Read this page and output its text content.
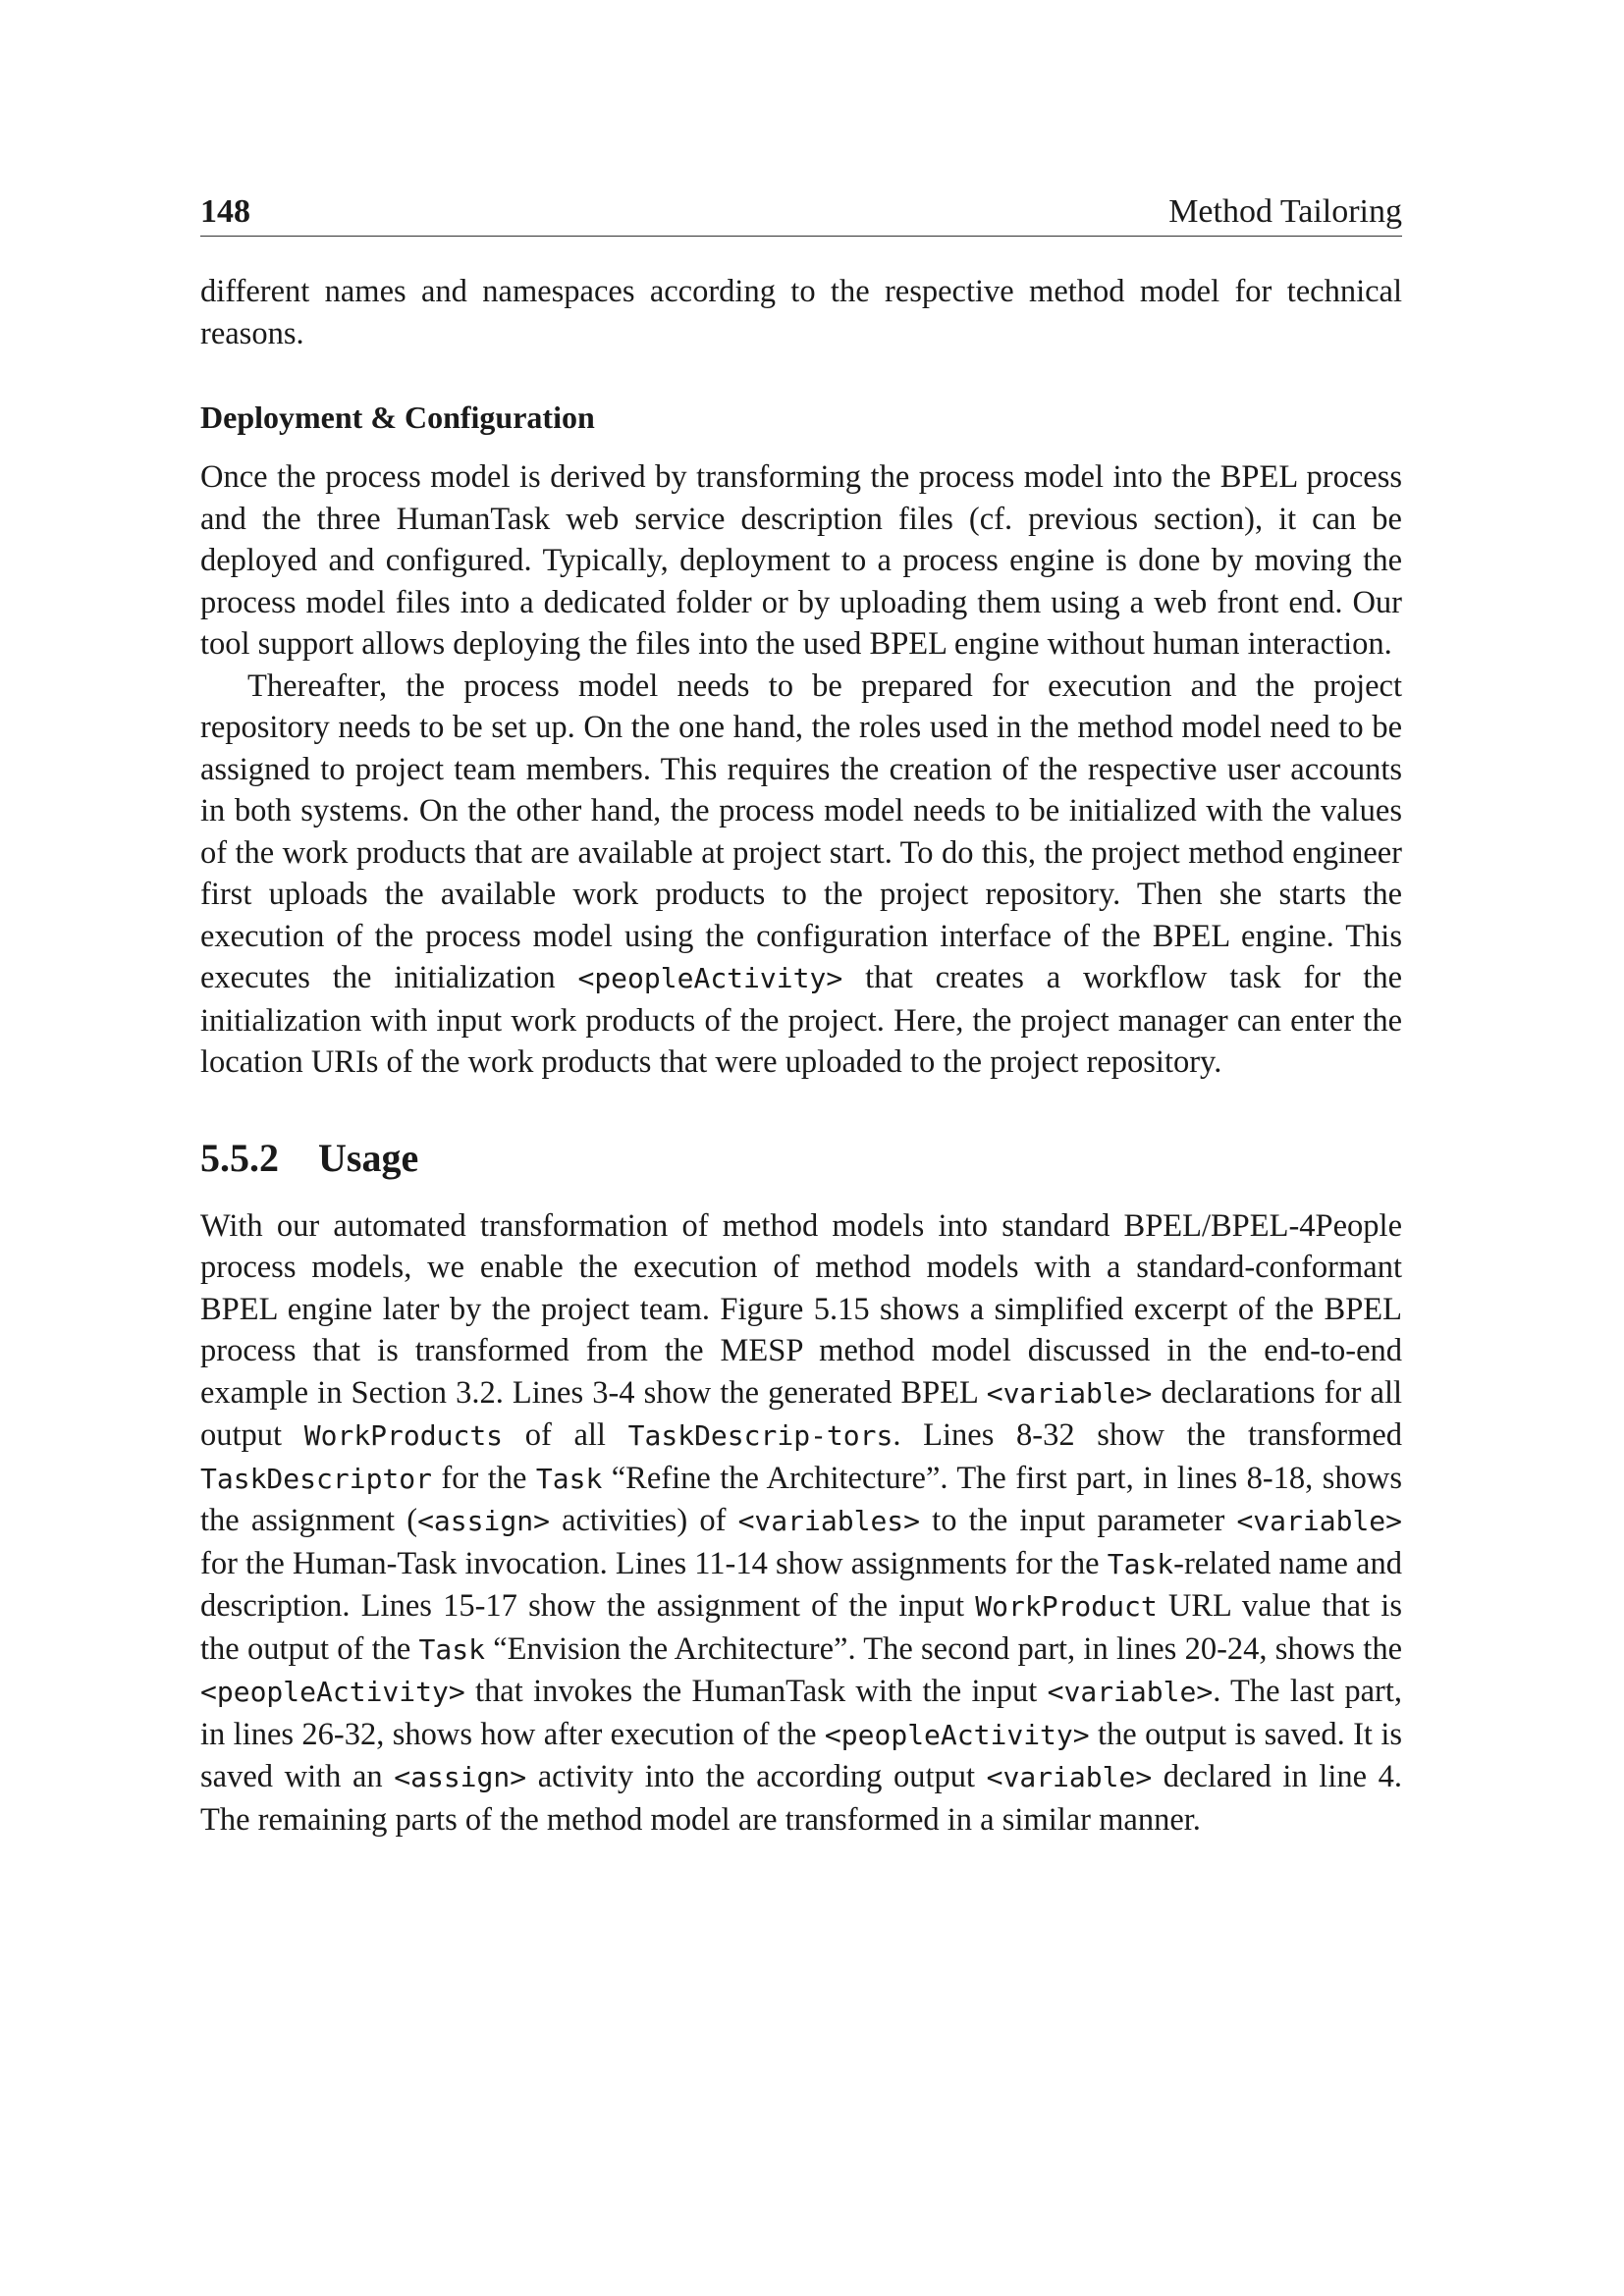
148	Method Tailoring

different names and namespaces according to the respective method model for technical reasons.

Deployment & Configuration

Once the process model is derived by transforming the process model into the BPEL process and the three HumanTask web service description files (cf. previous section), it can be deployed and configured. Typically, deployment to a process engine is done by moving the process model files into a dedicated folder or by uploading them using a web front end. Our tool support allows deploying the files into the used BPEL engine without human interaction.

Thereafter, the process model needs to be prepared for execution and the project repository needs to be set up. On the one hand, the roles used in the method model need to be assigned to project team members. This requires the creation of the respective user accounts in both systems. On the other hand, the process model needs to be initialized with the values of the work products that are available at project start. To do this, the project method engineer first uploads the available work products to the project repository. Then she starts the execution of the process model using the configuration interface of the BPEL engine. This executes the initialization <peopleActivity> that creates a workflow task for the initialization with input work products of the project. Here, the project manager can enter the location URIs of the work products that were uploaded to the project repository.

5.5.2	Usage

With our automated transformation of method models into standard BPEL/BPEL-4People process models, we enable the execution of method models with a standard-conformant BPEL engine later by the project team. Figure 5.15 shows a simplified excerpt of the BPEL process that is transformed from the MESP method model discussed in the end-to-end example in Section 3.2. Lines 3-4 show the generated BPEL <variable> declarations for all output WorkProducts of all TaskDescrip-tors. Lines 8-32 show the transformed TaskDescriptor for the Task “Refine the Architecture”. The first part, in lines 8-18, shows the assignment (<assign> activities) of <variables> to the input parameter <variable> for the Human-Task invocation. Lines 11-14 show assignments for the Task-related name and description. Lines 15-17 show the assignment of the input WorkProduct URL value that is the output of the Task “Envision the Architecture”. The second part, in lines 20-24, shows the <peopleActivity> that invokes the HumanTask with the input <variable>. The last part, in lines 26-32, shows how after execution of the <peopleActivity> the output is saved. It is saved with an <assign> activity into the according output <variable> declared in line 4. The remaining parts of the method model are transformed in a similar manner.
